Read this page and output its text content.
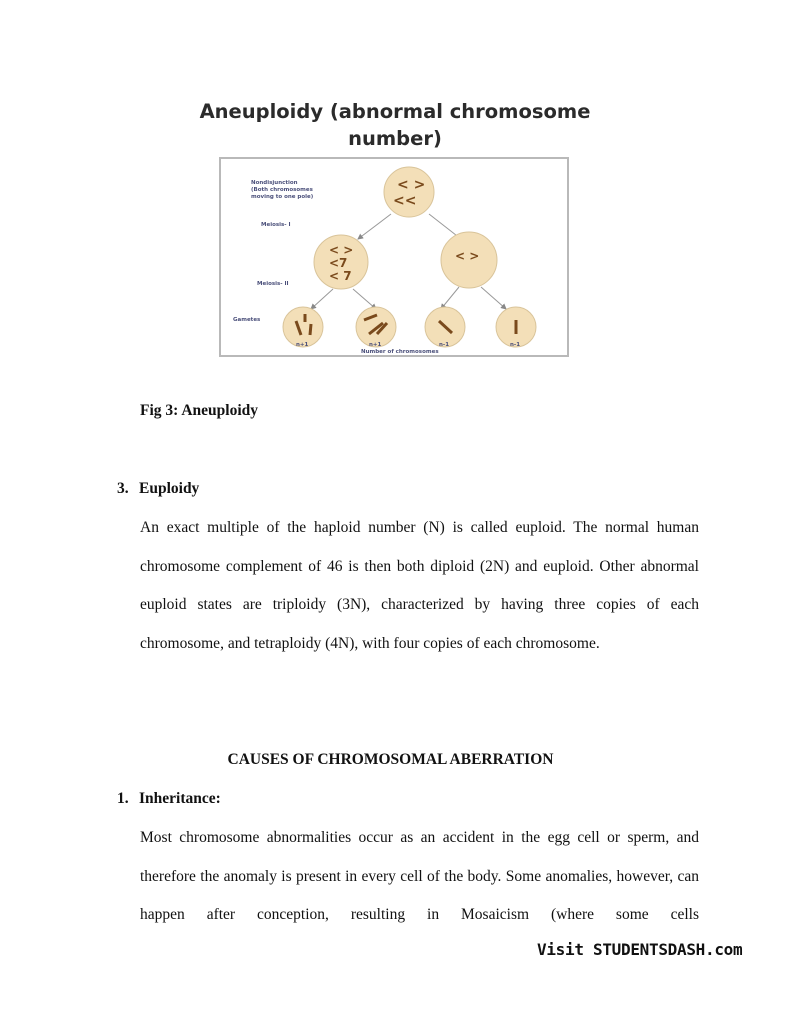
Aneuploidy (abnormal chromosome
number)
< >
<<
< >
<7
< 7
< >
Nondisjunction
(Both chromosomes
moving to one pole)
Meiosis- I
Meiosis- II
Gametes
n+1	n+1	n-1	n-1
Number of chromosomes
Fig 3: Aneuploidy
3. Euploidy

An exact multiple of the haploid number (N) is called euploid. The normal human chromosome complement of 46 is then both diploid (2N) and euploid. Other abnormal euploid states are triploidy (3N), characterized by having three copies of each chromosome, and tetraploidy (4N), with four copies of each chromosome.

CAUSES OF CHROMOSOMAL ABERRATION
1. Inheritance:

Most chromosome abnormalities occur as an accident in the egg cell or sperm, and therefore the anomaly is present in every cell of the body. Some anomalies, however, can happen after conception, resulting in Mosaicism (where some cells

Visit STUDENTSDASH.com
